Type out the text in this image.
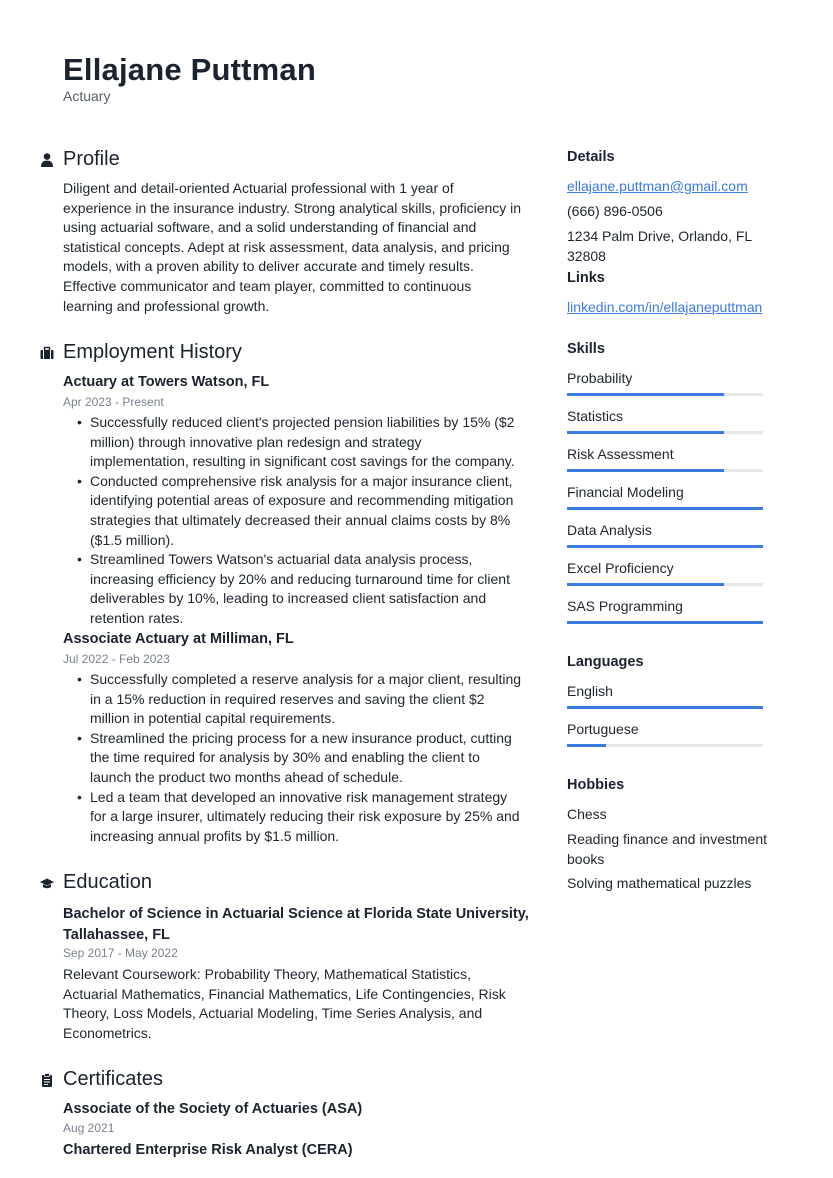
Ellajane Puttman
Actuary
Profile
Diligent and detail-oriented Actuarial professional with 1 year of experience in the insurance industry. Strong analytical skills, proficiency in using actuarial software, and a solid understanding of financial and statistical concepts. Adept at risk assessment, data analysis, and pricing models, with a proven ability to deliver accurate and timely results. Effective communicator and team player, committed to continuous learning and professional growth.
Employment History
Actuary at Towers Watson, FL
Apr 2023 - Present
• Successfully reduced client's projected pension liabilities by 15% ($2 million) through innovative plan redesign and strategy implementation, resulting in significant cost savings for the company.
• Conducted comprehensive risk analysis for a major insurance client, identifying potential areas of exposure and recommending mitigation strategies that ultimately decreased their annual claims costs by 8% ($1.5 million).
• Streamlined Towers Watson's actuarial data analysis process, increasing efficiency by 20% and reducing turnaround time for client deliverables by 10%, leading to increased client satisfaction and retention rates.
Associate Actuary at Milliman, FL
Jul 2022 - Feb 2023
• Successfully completed a reserve analysis for a major client, resulting in a 15% reduction in required reserves and saving the client $2 million in potential capital requirements.
• Streamlined the pricing process for a new insurance product, cutting the time required for analysis by 30% and enabling the client to launch the product two months ahead of schedule.
• Led a team that developed an innovative risk management strategy for a large insurer, ultimately reducing their risk exposure by 25% and increasing annual profits by $1.5 million.
Education
Bachelor of Science in Actuarial Science at Florida State University, Tallahassee, FL
Sep 2017 - May 2022
Relevant Coursework: Probability Theory, Mathematical Statistics, Actuarial Mathematics, Financial Mathematics, Life Contingencies, Risk Theory, Loss Models, Actuarial Modeling, Time Series Analysis, and Econometrics.
Certificates
Associate of the Society of Actuaries (ASA)
Aug 2021
Chartered Enterprise Risk Analyst (CERA)
Details
ellajane.puttman@gmail.com
(666) 896-0506
1234 Palm Drive, Orlando, FL 32808
Links
linkedin.com/in/ellajaneputtman
Skills
Probability
Statistics
Risk Assessment
Financial Modeling
Data Analysis
Excel Proficiency
SAS Programming
Languages
English
Portuguese
Hobbies
Chess
Reading finance and investment books
Solving mathematical puzzles
